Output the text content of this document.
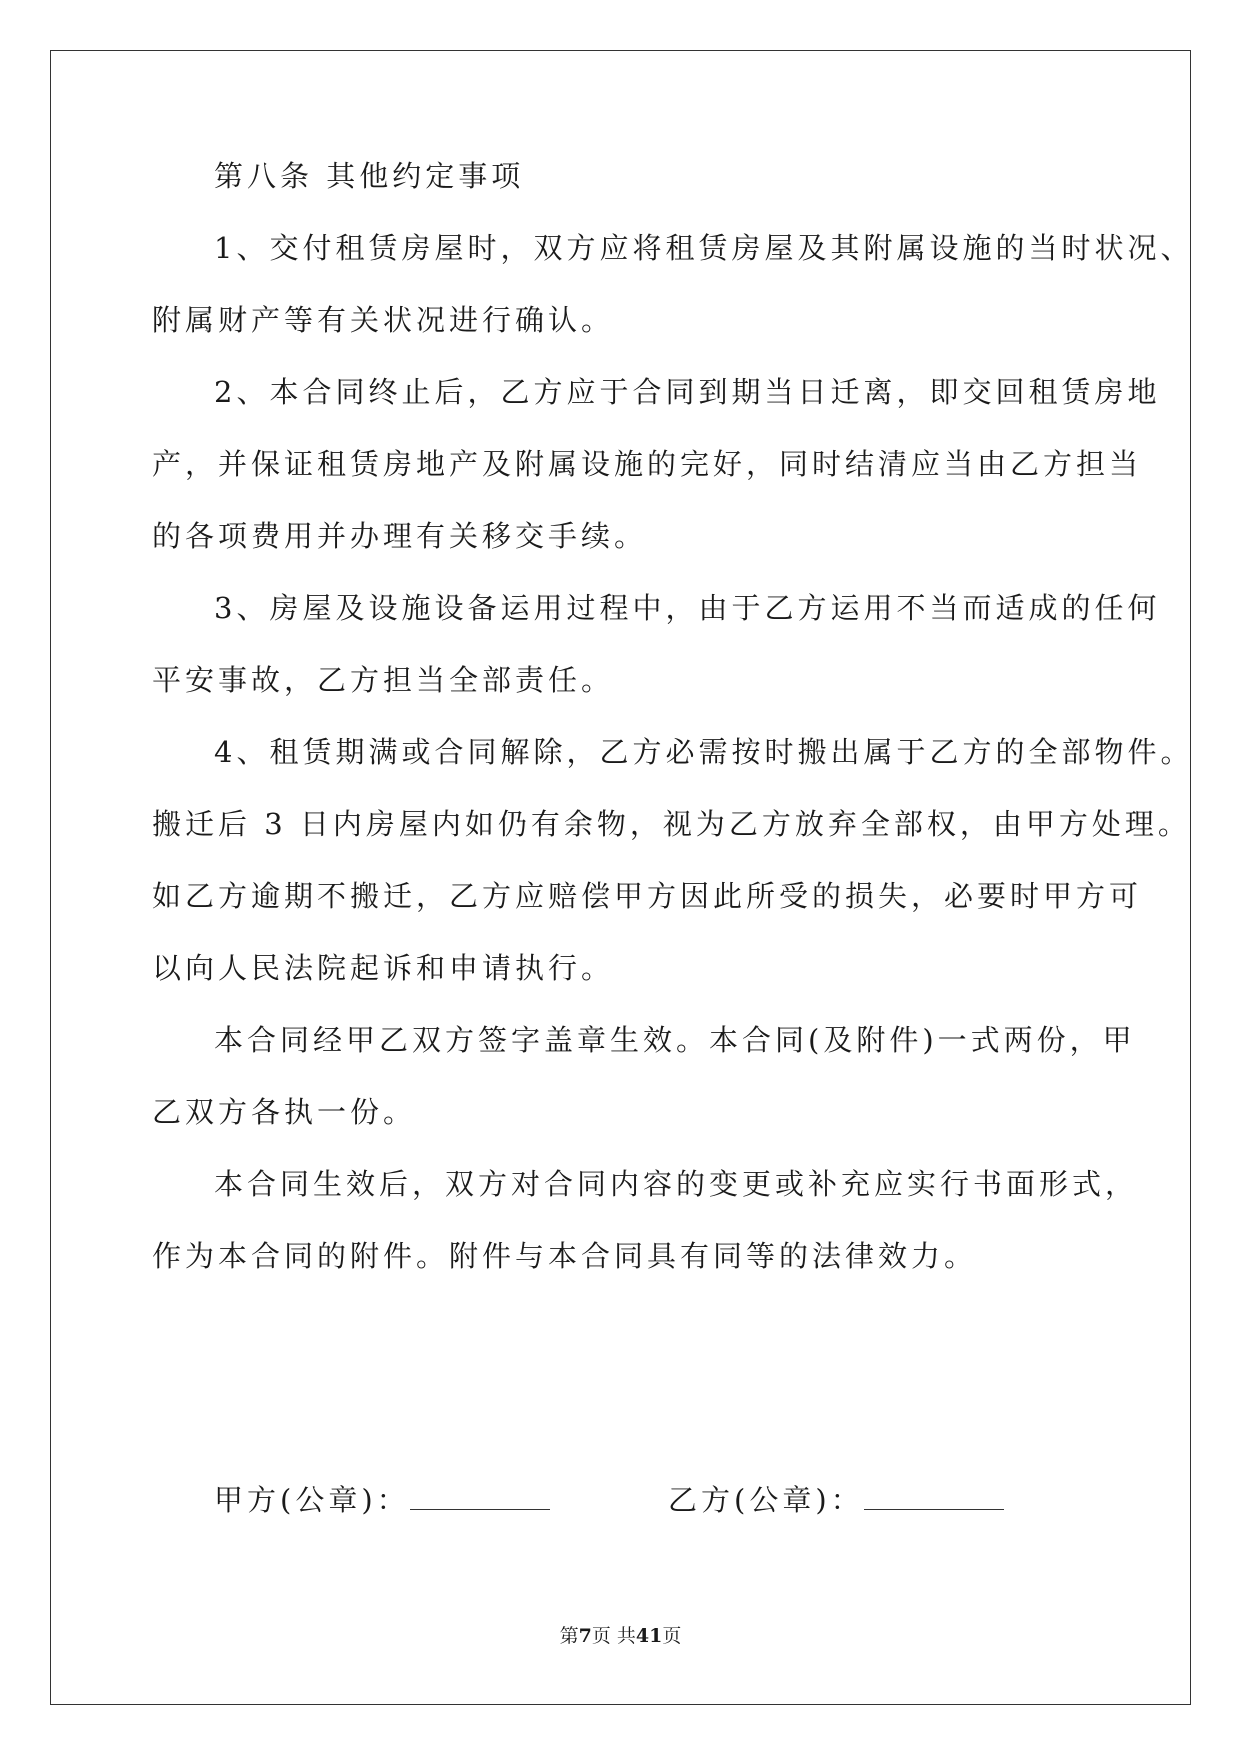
第八条 其他约定事项
1、交付租赁房屋时，双方应将租赁房屋及其附属设施的当时状况、
附属财产等有关状况进行确认。
2、本合同终止后，乙方应于合同到期当日迁离，即交回租赁房地
产，并保证租赁房地产及附属设施的完好，同时结清应当由乙方担当
的各项费用并办理有关移交手续。
3、房屋及设施设备运用过程中，由于乙方运用不当而适成的任何
平安事故，乙方担当全部责任。
4、租赁期满或合同解除，乙方必需按时搬出属于乙方的全部物件。
搬迁后 3 日内房屋内如仍有余物，视为乙方放弃全部权，由甲方处理。
如乙方逾期不搬迁，乙方应赔偿甲方因此所受的损失，必要时甲方可
以向人民法院起诉和申请执行。
本合同经甲乙双方签字盖章生效。本合同(及附件)一式两份，甲
乙双方各执一份。
本合同生效后，双方对合同内容的变更或补充应实行书面形式，
作为本合同的附件。附件与本合同具有同等的法律效力。
甲方(公章)：	乙方(公章)：
第7页 共41页
